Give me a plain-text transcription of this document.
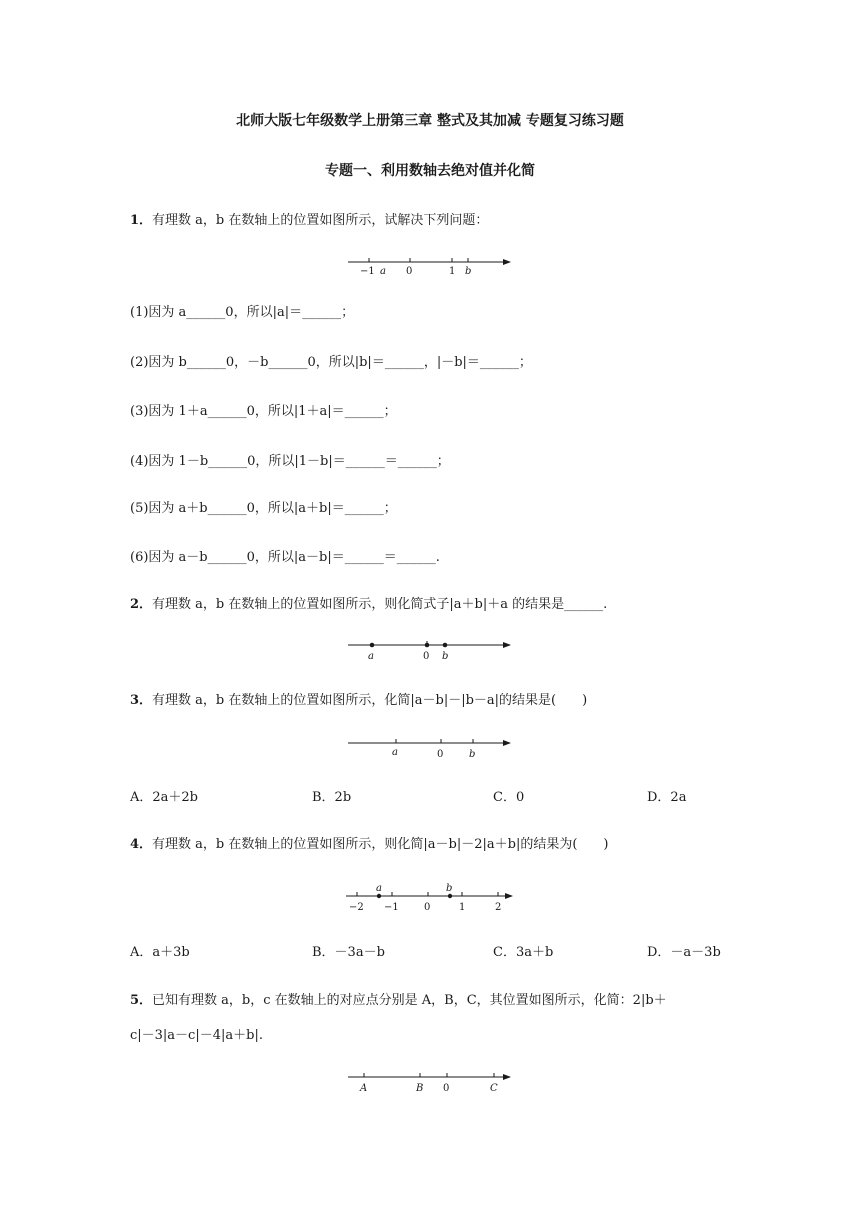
北师大版七年级数学上册第三章 整式及其加减 专题复习练习题
专题一、利用数轴去绝对值并化简
1．有理数 a，b 在数轴上的位置如图所示，试解决下列问题：
−1
(1)因为 a______0，所以|a|＝______；
(2)因为 b______0，－b______0，所以|b|＝______，|－b|＝______；
(3)因为 1＋a______0，所以|1＋a|＝______；
(4)因为 1－b______0，所以|1－b|＝______＝______；
(5)因为 a＋b______0，所以|a＋b|＝______；
(6)因为 a－b______0，所以|a－b|＝______＝______.
2．有理数 a，b 在数轴上的位置如图所示，则化简式子|a＋b|＋a 的结果是______.
a	0 b
3．有理数 a，b 在数轴上的位置如图所示，化简|a－b|－|b－a|的结果是(　　)
a	0	b
A．2a＋2b	B．2b	C．0	D．2a
4．有理数 a，b 在数轴上的位置如图所示，则化简|a－b|－2|a＋b|的结果为(　　)
−2
a
−1	0
b
1	2
A．a＋3b	B．－3a－b	C．3a＋b	D．－a－3b
5．已知有理数 a，b，c 在数轴上的对应点分别是 A，B，C，其位置如图所示，化简：2|b＋
c|－3|a－c|－4|a＋b|.
A	B 0	C
a 0	1 b
